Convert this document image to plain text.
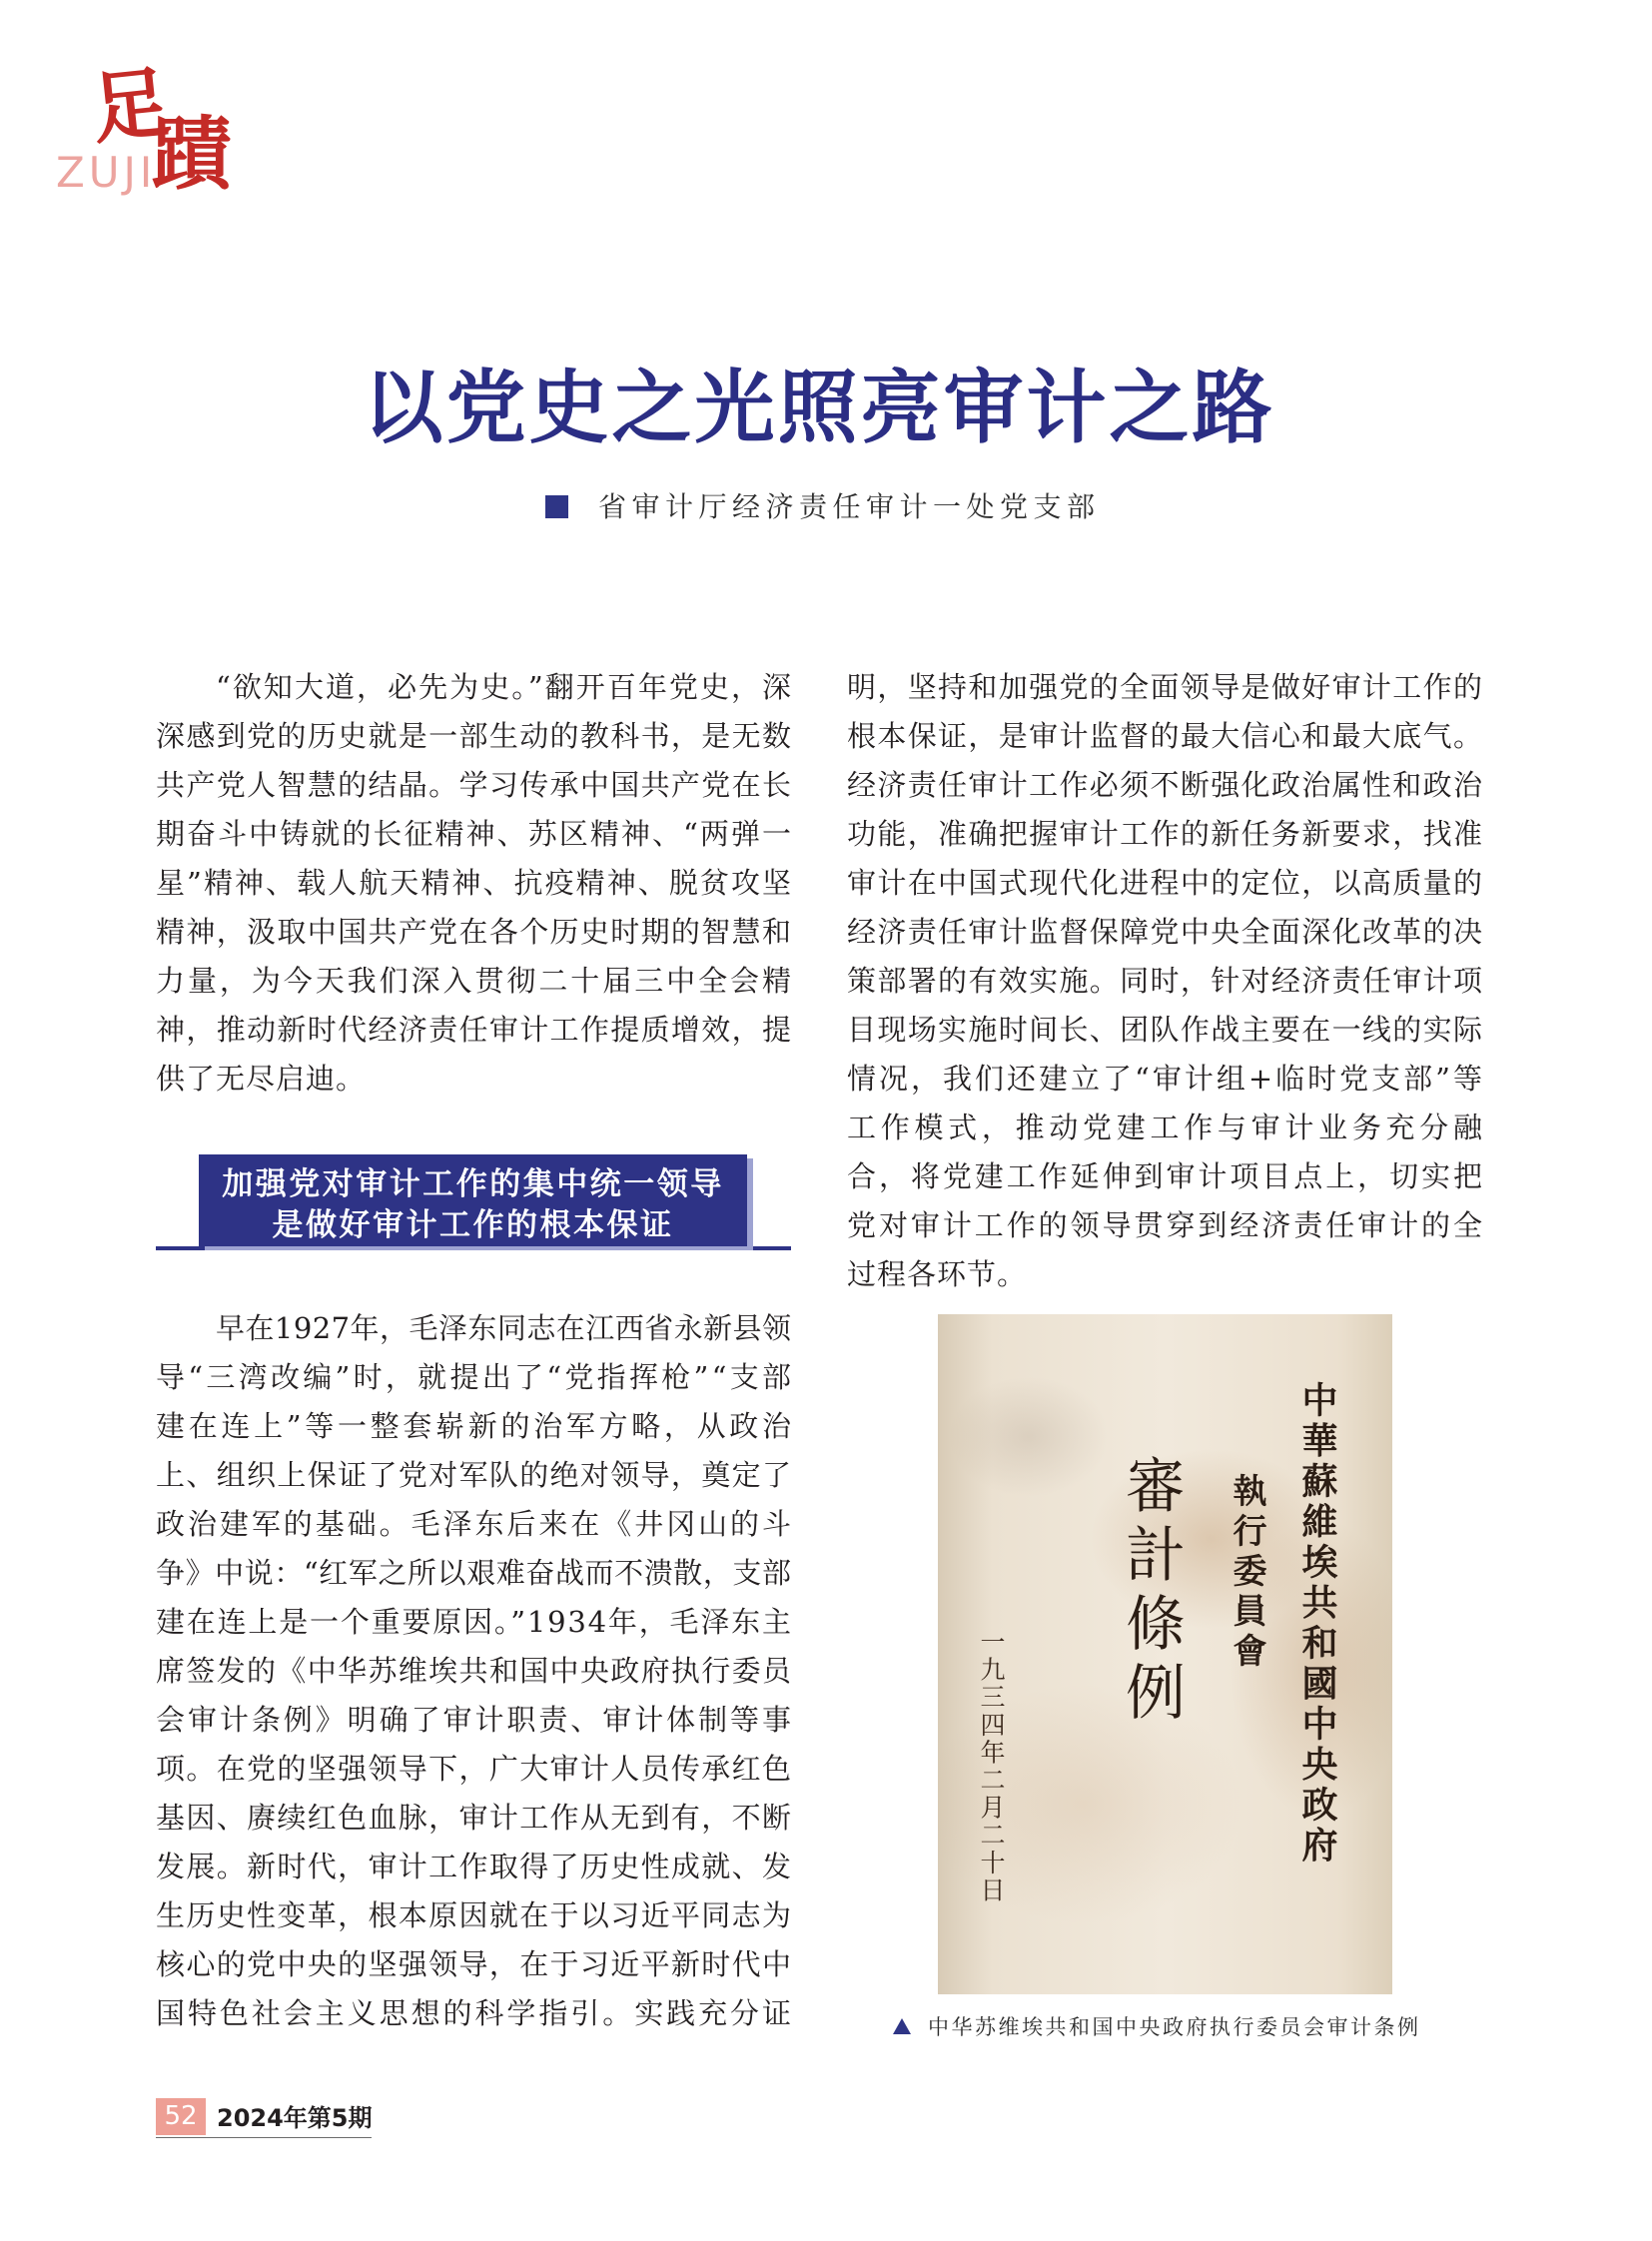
足
蹟
ZUJI
以党史之光照亮审计之路
省审计厅经济责任审计一处党支部
“欲知大道，必先为史。”翻开百年党史，深
深感到党的历史就是一部生动的教科书，是无数
共产党人智慧的结晶。学习传承中国共产党在长
期奋斗中铸就的长征精神、苏区精神、“两弹一
星”精神、载人航天精神、抗疫精神、脱贫攻坚
精神，汲取中国共产党在各个历史时期的智慧和
力量，为今天我们深入贯彻二十届三中全会精
神，推动新时代经济责任审计工作提质增效，提
供了无尽启迪。
加强党对审计工作的集中统一领导
是做好审计工作的根本保证
早在1927年，毛泽东同志在江西省永新县领
导“三湾改编”时，就提出了“党指挥枪”“支部
建在连上”等一整套崭新的治军方略，从政治
上、组织上保证了党对军队的绝对领导，奠定了
政治建军的基础。毛泽东后来在《井冈山的斗
争》中说：“红军之所以艰难奋战而不溃散，支部
建在连上是一个重要原因。”1934年，毛泽东主
席签发的《中华苏维埃共和国中央政府执行委员
会审计条例》明确了审计职责、审计体制等事
项。在党的坚强领导下，广大审计人员传承红色
基因、赓续红色血脉，审计工作从无到有，不断
发展。新时代，审计工作取得了历史性成就、发
生历史性变革，根本原因就在于以习近平同志为
核心的党中央的坚强领导，在于习近平新时代中
国特色社会主义思想的科学指引。实践充分证
明，坚持和加强党的全面领导是做好审计工作的
根本保证，是审计监督的最大信心和最大底气。
经济责任审计工作必须不断强化政治属性和政治
功能，准确把握审计工作的新任务新要求，找准
审计在中国式现代化进程中的定位，以高质量的
经济责任审计监督保障党中央全面深化改革的决
策部署的有效实施。同时，针对经济责任审计项
目现场实施时间长、团队作战主要在一线的实际
情况，我们还建立了“审计组+临时党支部”等
工作模式，推动党建工作与审计业务充分融
合，将党建工作延伸到审计项目点上，切实把
党对审计工作的领导贯穿到经济责任审计的全
过程各环节。
中華蘇維埃共和國中央政府
執行委員會
審計條例
一九三四年二月二十日
中华苏维埃共和国中央政府执行委员会审计条例
52 2024年第5期
